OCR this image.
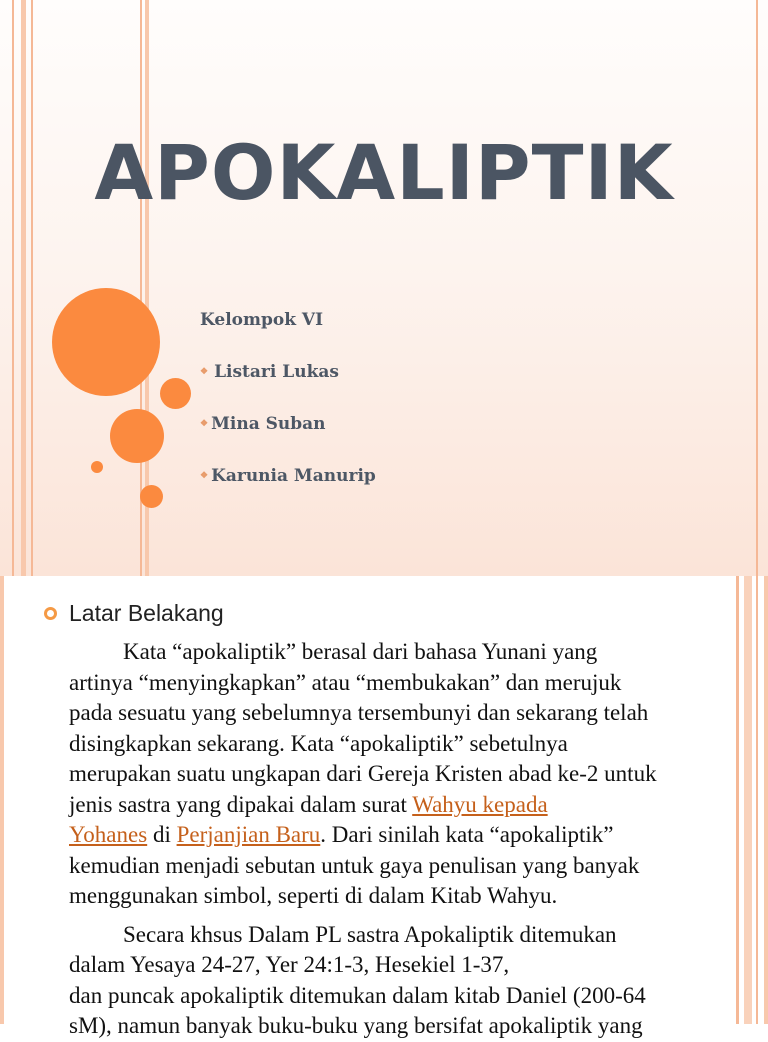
APOKALIPTIK
Kelompok VI
❖ Listari Lukas
❖ Mina Suban
❖ Karunia Manurip
Latar Belakang
Kata “apokaliptik” berasal dari bahasa Yunani yang
artinya “menyingkapkan” atau “membukakan” dan merujuk
pada sesuatu yang sebelumnya tersembunyi dan sekarang telah
disingkapkan sekarang. Kata “apokaliptik” sebetulnya
merupakan suatu ungkapan dari Gereja Kristen abad ke-2 untuk
jenis sastra yang dipakai dalam surat Wahyu kepada
Yohanes di Perjanjian Baru. Dari sinilah kata “apokaliptik”
kemudian menjadi sebutan untuk gaya penulisan yang banyak
menggunakan simbol, seperti di dalam Kitab Wahyu.
Secara khsus Dalam PL sastra Apokaliptik ditemukan
dalam Yesaya 24-27, Yer 24:1-3, Hesekiel 1-37,
dan puncak apokaliptik ditemukan dalam kitab Daniel (200-64
sM), namun banyak buku-buku yang bersifat apokaliptik yang
